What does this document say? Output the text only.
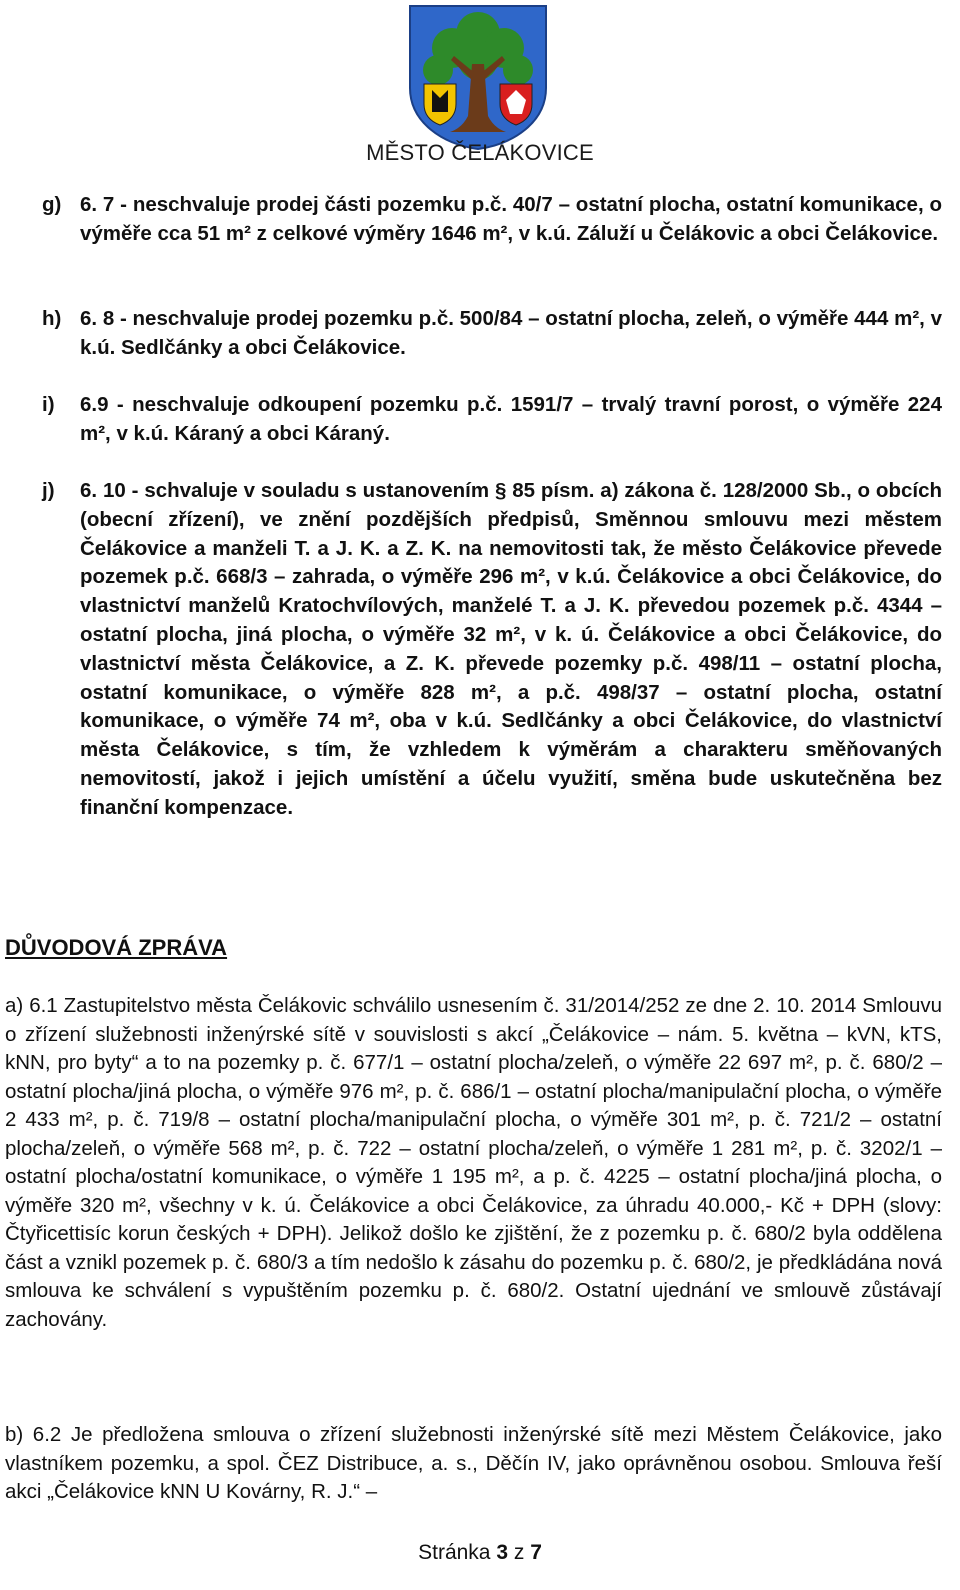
MĚSTO ČELÁKOVICE
g) 6. 7 - neschvaluje prodej části pozemku p.č. 40/7 – ostatní plocha, ostatní komunikace, o výměře cca 51 m² z celkové výměry 1646 m², v k.ú. Záluží u Čelákovic a obci Čelákovice.

h) 6. 8 - neschvaluje prodej pozemku p.č. 500/84 – ostatní plocha, zeleň, o výměře 444 m², v k.ú. Sedlčánky a obci Čelákovice.

i) 6.9 - neschvaluje odkoupení pozemku p.č. 1591/7 – trvalý travní porost, o výměře 224 m², v k.ú. Káraný a obci Káraný.

j) 6. 10 - schvaluje v souladu s ustanovením § 85 písm. a) zákona č. 128/2000 Sb., o obcích (obecní zřízení), ve znění pozdějších předpisů, Směnnou smlouvu mezi městem Čelákovice a manželi T. a J. K. a Z. K. na nemovitosti tak, že město Čelákovice převede pozemek p.č. 668/3 – zahrada, o výměře 296 m², v k.ú. Čelákovice a obci Čelákovice, do vlastnictví manželů Kratochvílových, manželé T. a J. K. převedou pozemek p.č. 4344 – ostatní plocha, jiná plocha, o výměře 32 m², v k. ú. Čelákovice a obci Čelákovice, do vlastnictví města Čelákovice, a Z. K. převede pozemky p.č. 498/11 – ostatní plocha, ostatní komunikace, o výměře 828 m², a p.č. 498/37 – ostatní plocha, ostatní komunikace, o výměře 74 m², oba v k.ú. Sedlčánky a obci Čelákovice, do vlastnictví města Čelákovice, s tím, že vzhledem k výměrám a charakteru směňovaných nemovitostí, jakož i jejich umístění a účelu využití, směna bude uskutečněna bez finanční kompenzace.

DŮVODOVÁ ZPRÁVA

a) 6.1 Zastupitelstvo města Čelákovic schválilo usnesením č. 31/2014/252 ze dne 2. 10. 2014 Smlouvu o zřízení služebnosti inženýrské sítě v souvislosti s akcí „Čelákovice – nám. 5. května – kVN, kTS, kNN, pro byty“ a to na pozemky p. č. 677/1 – ostatní plocha/zeleň, o výměře 22 697 m², p. č. 680/2 – ostatní plocha/jiná plocha, o výměře 976 m², p. č. 686/1 – ostatní plocha/manipulační plocha, o výměře 2 433 m², p. č. 719/8 – ostatní plocha/manipulační plocha, o výměře 301 m², p. č. 721/2 – ostatní plocha/zeleň, o výměře 568 m², p. č. 722 – ostatní plocha/zeleň, o výměře 1 281 m², p. č. 3202/1 – ostatní plocha/ostatní komunikace, o výměře 1 195 m², a p. č. 4225 – ostatní plocha/jiná plocha, o výměře 320 m², všechny v k. ú. Čelákovice a obci Čelákovice, za úhradu 40.000,- Kč + DPH (slovy: Čtyřicettisíc korun českých + DPH). Jelikož došlo ke zjištění, že z pozemku p. č. 680/2 byla oddělena část a vznikl pozemek p. č. 680/3 a tím nedošlo k zásahu do pozemku p. č. 680/2, je předkládána nová smlouva ke schválení s vypuštěním pozemku p. č. 680/2. Ostatní ujednání ve smlouvě zůstávají zachovány.

b) 6.2 Je předložena smlouva o zřízení služebnosti inženýrské sítě mezi Městem Čelákovice, jako vlastníkem pozemku, a spol. ČEZ Distribuce, a. s., Děčín IV, jako oprávněnou osobou. Smlouva řeší akci „Čelákovice kNN U Kovárny, R. J.“ –

Stránka 3 z 7
